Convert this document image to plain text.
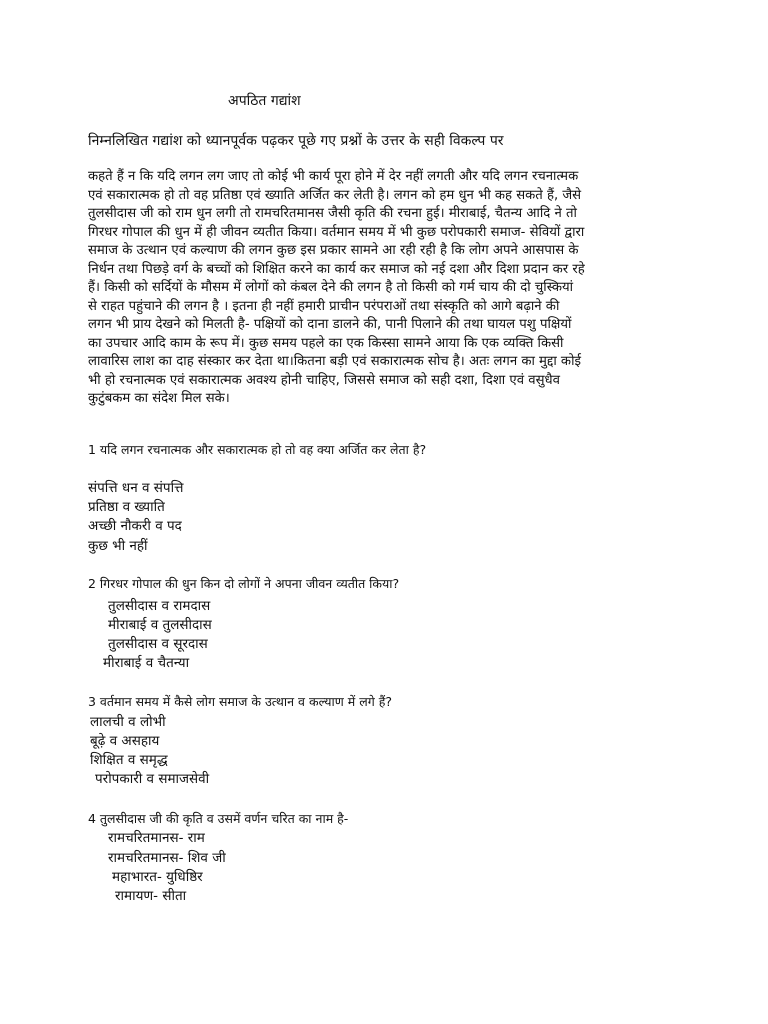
अपठित गद्यांश
निम्नलिखित गद्यांश को ध्यानपूर्वक पढ़कर पूछे गए प्रश्नों के उत्तर के सही विकल्प पर
कहते हैं न कि यदि लगन लग जाए तो कोई भी कार्य पूरा होने में देर नहीं लगती और यदि लगन रचनात्मक
एवं सकारात्मक हो तो वह प्रतिष्ठा एवं ख्याति अर्जित कर लेती है। लगन को हम धुन भी कह सकते हैं, जैसे
तुलसीदास जी को राम धुन लगी तो रामचरितमानस जैसी कृति की रचना हुई। मीराबाई, चैतन्य आदि ने तो
गिरधर गोपाल की धुन में ही जीवन व्यतीत किया। वर्तमान समय में भी कुछ परोपकारी समाज- सेवियों द्वारा
समाज के उत्थान एवं कल्याण की लगन कुछ इस प्रकार सामने आ रही रही है कि लोग अपने आसपास के
निर्धन तथा पिछड़े वर्ग के बच्चों को शिक्षित करने का कार्य कर समाज को नई दशा और दिशा प्रदान कर रहे
हैं। किसी को सर्दियों के मौसम में लोगों को कंबल देने की लगन है तो किसी को गर्म चाय की दो चुस्कियां
से राहत पहुंचाने की लगन है । इतना ही नहीं हमारी प्राचीन परंपराओं तथा संस्कृति को आगे बढ़ाने की
लगन भी प्राय देखने को मिलती है- पक्षियों को दाना डालने की, पानी पिलाने की तथा घायल पशु पक्षियों
का उपचार आदि काम के रूप में। कुछ समय पहले का एक किस्सा सामने आया कि एक व्यक्ति किसी
लावारिस लाश का दाह संस्कार कर देता था।कितना बड़ी एवं सकारात्मक सोच है। अतः लगन का मुद्दा कोई
भी हो रचनात्मक एवं सकारात्मक अवश्य होनी चाहिए, जिससे समाज को सही दशा, दिशा एवं वसुधैव
कुटुंबकम का संदेश मिल सके।
1 यदि लगन रचनात्मक और सकारात्मक हो तो वह क्या अर्जित कर लेता है?
संपत्ति धन व संपत्ति
प्रतिष्ठा व ख्याति
अच्छी नौकरी व पद
कुछ भी नहीं
2 गिरधर गोपाल की धुन किन दो लोगों ने अपना जीवन व्यतीत किया?
तुलसीदास व रामदास
मीराबाई व तुलसीदास
तुलसीदास व सूरदास
मीराबाई व चैतन्या
3 वर्तमान समय में कैसे लोग समाज के उत्थान व कल्याण में लगे हैं?
लालची व लोभी
बूढ़े व असहाय
शिक्षित व समृद्ध
परोपकारी व समाजसेवी
4 तुलसीदास जी की कृति व उसमें वर्णन चरित का नाम है-
रामचरितमानस- राम
रामचरितमानस- शिव जी
महाभारत- युधिष्ठिर
रामायण- सीता
